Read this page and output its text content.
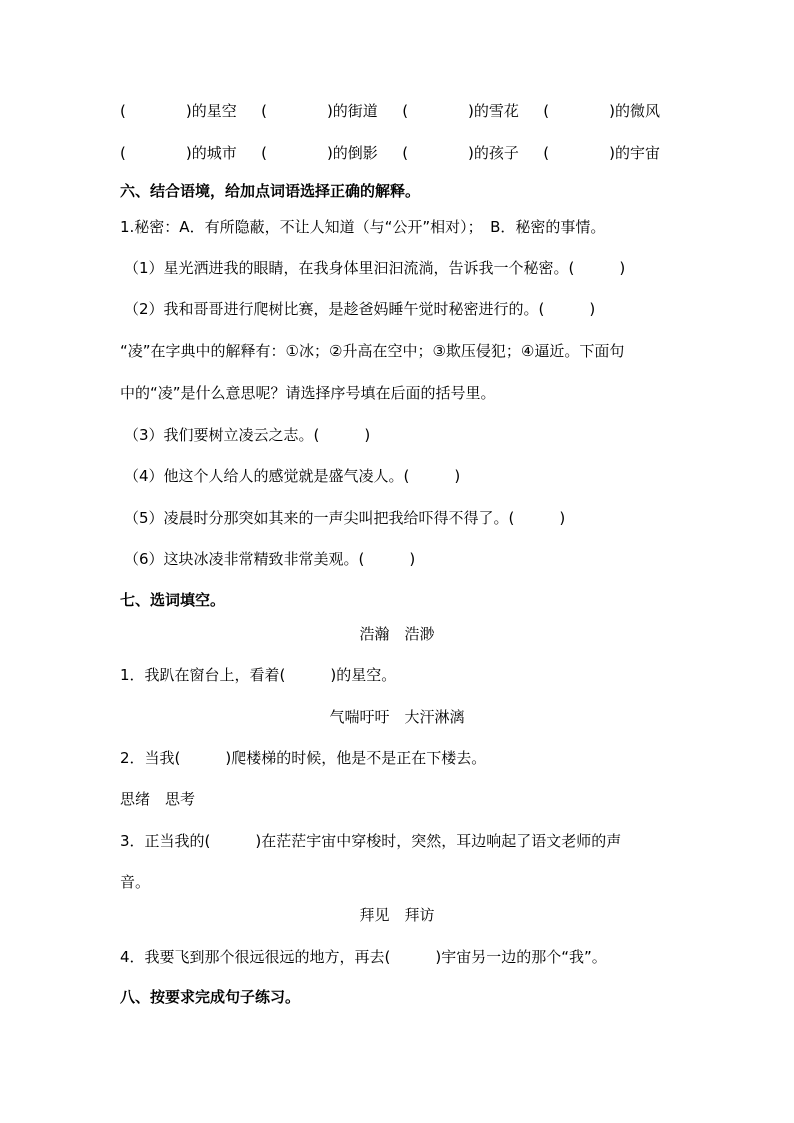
(　　　　)的星空 (　　　　)的街道 (　　　　)的雪花 (　　　　)的微风
(　　　　)的城市 (　　　　)的倒影 (　　　　)的孩子 (　　　　)的宇宙
六、结合语境，给加点词语选择正确的解释。
1.秘密：A．有所隐蔽，不让人知道（与“公开”相对）；　B．秘密的事情。
（1）星光洒进我的眼睛，在我身体里汩汩流淌，告诉我一个秘密。(　　　)
（2）我和哥哥进行爬树比赛，是趁爸妈睡午觉时秘密进行的。(　　　)
“凌”在字典中的解释有：①冰；②升高在空中；③欺压侵犯；④逼近。下面句
中的“凌”是什么意思呢？请选择序号填在后面的括号里。
（3）我们要树立凌云之志。(　　　)
（4）他这个人给人的感觉就是盛气凌人。(　　　)
（5）凌晨时分那突如其来的一声尖叫把我给吓得不得了。(　　　)
（6）这块冰凌非常精致非常美观。(　　　)
七、选词填空。
浩瀚　浩渺
1．我趴在窗台上，看着(　　　)的星空。
气喘吁吁　大汗淋漓
2．当我(　　　)爬楼梯的时候，他是不是正在下楼去。
思绪　思考
3．正当我的(　　　)在茫茫宇宙中穿梭时，突然，耳边响起了语文老师的声
音。
拜见　拜访
4．我要飞到那个很远很远的地方，再去(　　　)宇宙另一边的那个“我”。
八、按要求完成句子练习。
